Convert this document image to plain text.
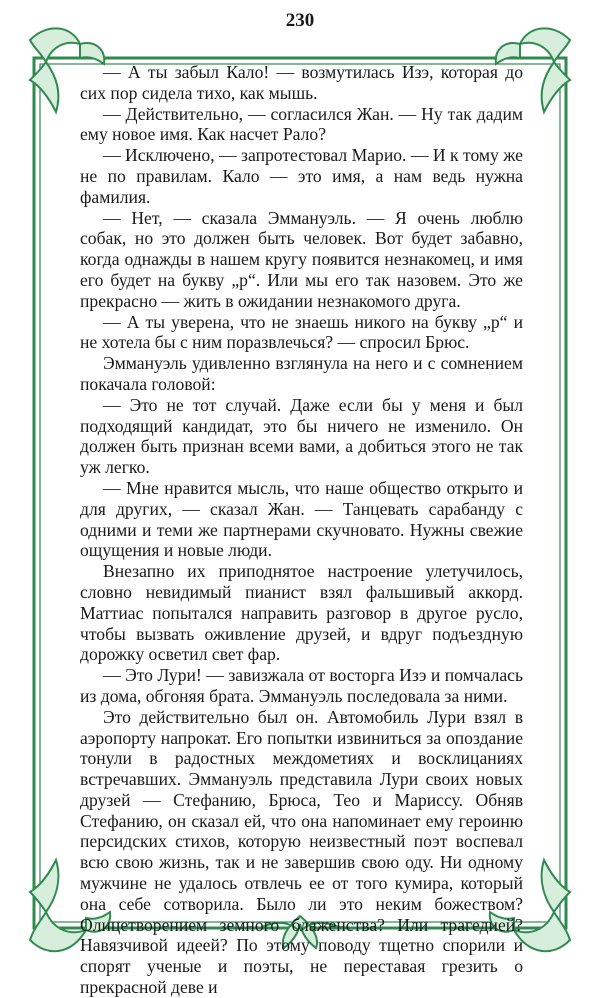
230

— А ты забыл Кало! — возмутилась Изэ, которая до сих пор сидела тихо, как мышь.

— Действительно, — согласился Жан. — Ну так дадим ему новое имя. Как насчет Рало?

— Исключено, — запротестовал Марио. — И к тому же не по правилам. Кало — это имя, а нам ведь нужна фамилия.

— Нет, — сказала Эммануэль. — Я очень люблю собак, но это должен быть человек. Вот будет забавно, когда однажды в нашем кругу появится незнакомец, и имя его будет на букву „р“. Или мы его так назовем. Это же прекрасно — жить в ожидании незнакомого друга.

— А ты уверена, что не знаешь никого на букву „р“ и не хотела бы с ним поразвлечься? — спросил Брюс.

Эммануэль удивленно взглянула на него и с сомнением покачала головой:

— Это не тот случай. Даже если бы у меня и был подходящий кандидат, это бы ничего не изменило. Он должен быть признан всеми вами, а добиться этого не так уж легко.

— Мне нравится мысль, что наше общество открыто и для других, — сказал Жан. — Танцевать сарабанду с одними и теми же партнерами скучновато. Нужны свежие ощущения и новые люди.

Внезапно их приподнятое настроение улетучилось, словно невидимый пианист взял фальшивый аккорд. Маттиас попытался направить разговор в другое русло, чтобы вызвать оживление друзей, и вдруг подъездную дорожку осветил свет фар.

— Это Лури! — завизжала от восторга Изэ и помчалась из дома, обгоняя брата. Эммануэль последовала за ними.

Это действительно был он. Автомобиль Лури взял в аэропорту напрокат. Его попытки извиниться за опоздание тонули в радостных междометиях и восклицаниях встречавших. Эммануэль представила Лури своих новых друзей — Стефанию, Брюса, Тео и Мариссу. Обняв Стефанию, он сказал ей, что она напоминает ему героиню персидских стихов, которую неизвестный поэт воспевал всю свою жизнь, так и не завершив свою оду. Ни одному мужчине не удалось отвлечь ее от того кумира, который она себе сотворила. Было ли это неким божеством? Олицетворением земного блаженства? Или трагедией? Навязчивой идеей? По этому поводу тщетно спорили и спорят ученые и поэты, не переставая грезить о прекрасной деве и
